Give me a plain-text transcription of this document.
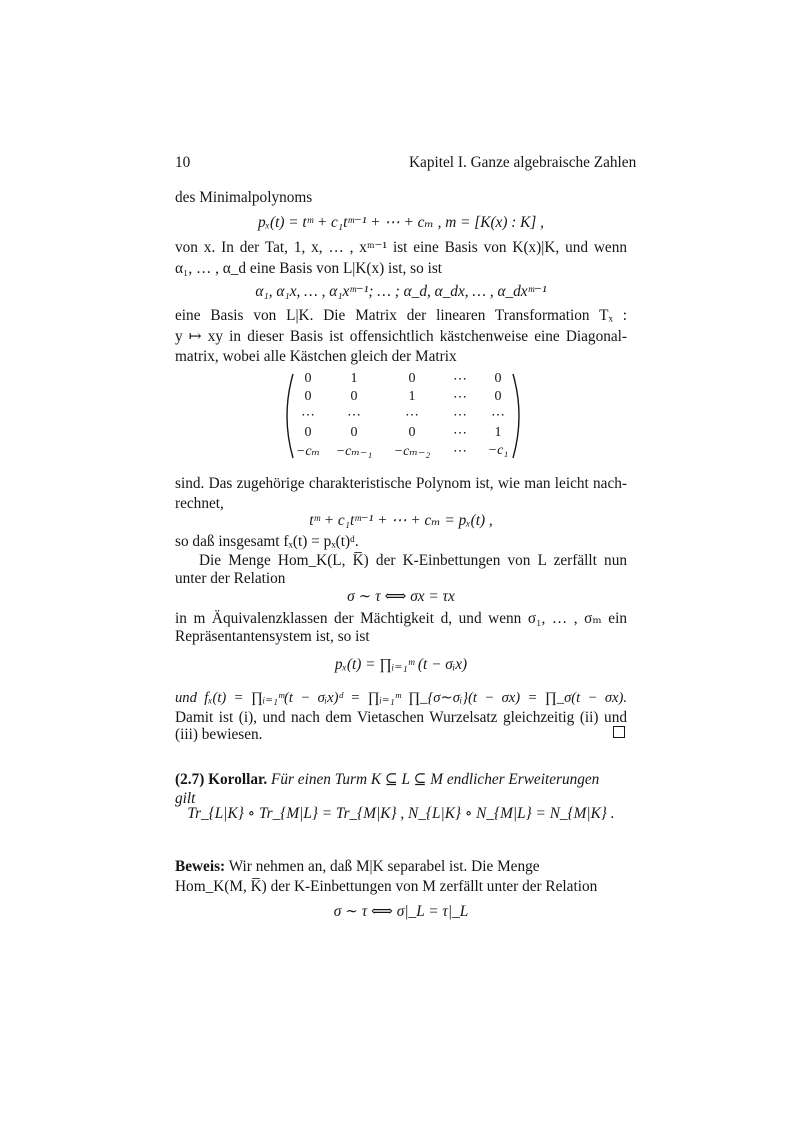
10	Kapitel I. Ganze algebraische Zahlen
des Minimalpolynoms
pₓ(t) = tᵐ + c₁tᵐ⁻¹ + ⋯ + cₘ , m = [K(x) : K] ,
von x. In der Tat, 1, x, … , xᵐ⁻¹ ist eine Basis von K(x)|K, und wenn
α₁, … , α_d eine Basis von L|K(x) ist, so ist
α₁, α₁x, … , α₁xᵐ⁻¹; … ; α_d, α_dx, … , α_dxᵐ⁻¹
eine Basis von L|K. Die Matrix der linearen Transformation Tₓ :
y ↦ xy in dieser Basis ist offensichtlich kästchenweise eine Diagonal-
matrix, wobei alle Kästchen gleich der Matrix
0	1	0	⋯	0
0	0	1	⋯	0
⋯	⋯	⋯	⋯	⋯
0	0	0	⋯	1
−cₘ	−cₘ₋₁	−cₘ₋₂	⋯	−c₁
sind. Das zugehörige charakteristische Polynom ist, wie man leicht nach-
rechnet,
tᵐ + c₁tᵐ⁻¹ + ⋯ + cₘ = pₓ(t) ,
so daß insgesamt fₓ(t) = pₓ(t)ᵈ.
Die Menge Hom_K(L, K̅) der K-Einbettungen von L zerfällt nun
unter der Relation
σ ∼ τ ⟺ σx = τx
in m Äquivalenzklassen der Mächtigkeit d, und wenn σ₁, … , σₘ ein
Repräsentantensystem ist, so ist
pₓ(t) = ∏ᵢ₌₁ᵐ (t − σᵢx)
und fₓ(t) = ∏ᵢ₌₁ᵐ(t − σᵢx)ᵈ = ∏ᵢ₌₁ᵐ ∏_{σ∼σᵢ}(t − σx) = ∏_σ(t − σx).
Damit ist (i), und nach dem Vietaschen Wurzelsatz gleichzeitig (ii) und
(iii) bewiesen.
(2.7) Korollar. Für einen Turm K ⊆ L ⊆ M endlicher Erweiterungen
gilt
Tr_{L|K} ∘ Tr_{M|L} = Tr_{M|K} , N_{L|K} ∘ N_{M|L} = N_{M|K} .
Beweis: Wir nehmen an, daß M|K separabel ist. Die Menge
Hom_K(M, K̅) der K-Einbettungen von M zerfällt unter der Relation
σ ∼ τ ⟺ σ|_L = τ|_L
